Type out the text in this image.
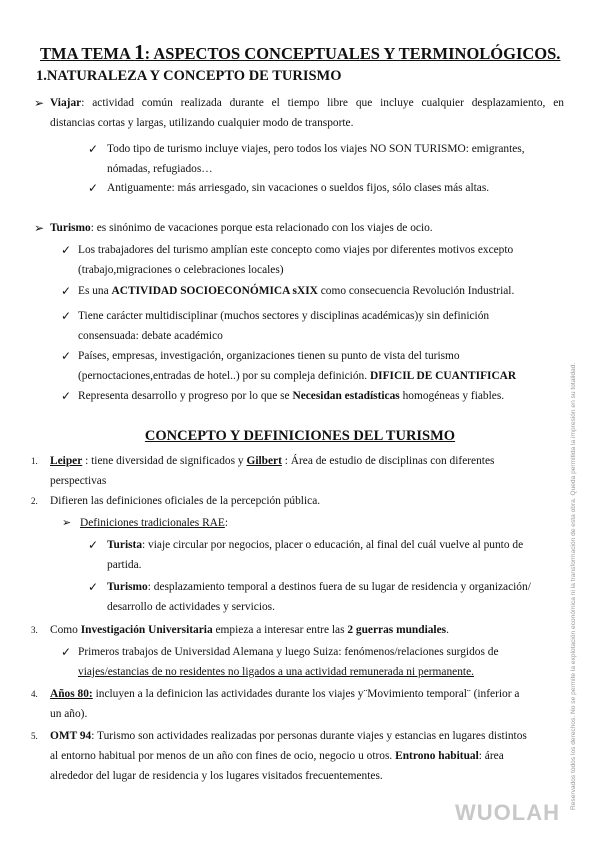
TMA TEMA 1: ASPECTOS CONCEPTUALES Y TERMINOLÓGICOS.
1.NATURALEZA Y CONCEPTO DE TURISMO
➢ Viajar: actividad común realizada durante el tiempo libre que incluye cualquier desplazamiento, en
distancias cortas y largas, utilizando cualquier modo de transporte.
✓ Todo tipo de turismo incluye viajes, pero todos los viajes NO SON TURISMO: emigrantes,
nómadas, refugiados…
✓ Antiguamente: más arriesgado, sin vacaciones o sueldos fijos, sólo clases más altas.
➢ Turismo: es sinónimo de vacaciones porque esta relacionado con los viajes de ocio.
✓ Los trabajadores del turismo amplían este concepto como viajes por diferentes motivos excepto
(trabajo,migraciones o celebraciones locales)
✓ Es una ACTIVIDAD SOCIOECONÓMICA sXIX como consecuencia Revolución Industrial.
✓ Tiene carácter multidisciplinar (muchos sectores y disciplinas académicas)y sin definición
consensuada: debate académico
✓ Países, empresas, investigación, organizaciones tienen su punto de vista del turismo
(pernoctaciones,entradas de hotel..) por su compleja definición. DIFICIL DE CUANTIFICAR
✓ Representa desarrollo y progreso por lo que se Necesidan estadísticas homogéneas y fiables.
CONCEPTO Y DEFINICIONES DEL TURISMO
1. Leiper : tiene diversidad de significados y Gilbert : Área de estudio de disciplinas con diferentes
perspectivas
2. Difieren las definiciones oficiales de la percepción pública.
➢ Definiciones tradicionales RAE:
✓ Turista: viaje circular por negocios, placer o educación, al final del cuál vuelve al punto de
partida.
✓ Turismo: desplazamiento temporal a destinos fuera de su lugar de residencia y organización/
desarrollo de actividades y servicios.
3. Como Investigación Universitaria empieza a interesar entre las 2 guerras mundiales.
✓ Primeros trabajos de Universidad Alemana y luego Suiza: fenómenos/relaciones surgidos de
viajes/estancias de no residentes no ligados a una actividad remunerada ni permanente.
4. Años 80: incluyen a la definicion las actividades durante los viajes y¨Movimiento temporal¨ (inferior a
un año).
5. OMT 94: Turismo son actividades realizadas por personas durante viajes y estancias en lugares distintos
al entorno habitual por menos de un año con fines de ocio, negocio u otros. Entrono habitual: área
alrededor del lugar de residencia y los lugares visitados frecuentementes.	Reservados todos los derechos. No se permite la explotación económica ni la transformación de esta obra. Queda permitida la impresión en su totalidad.
WUOLAH
